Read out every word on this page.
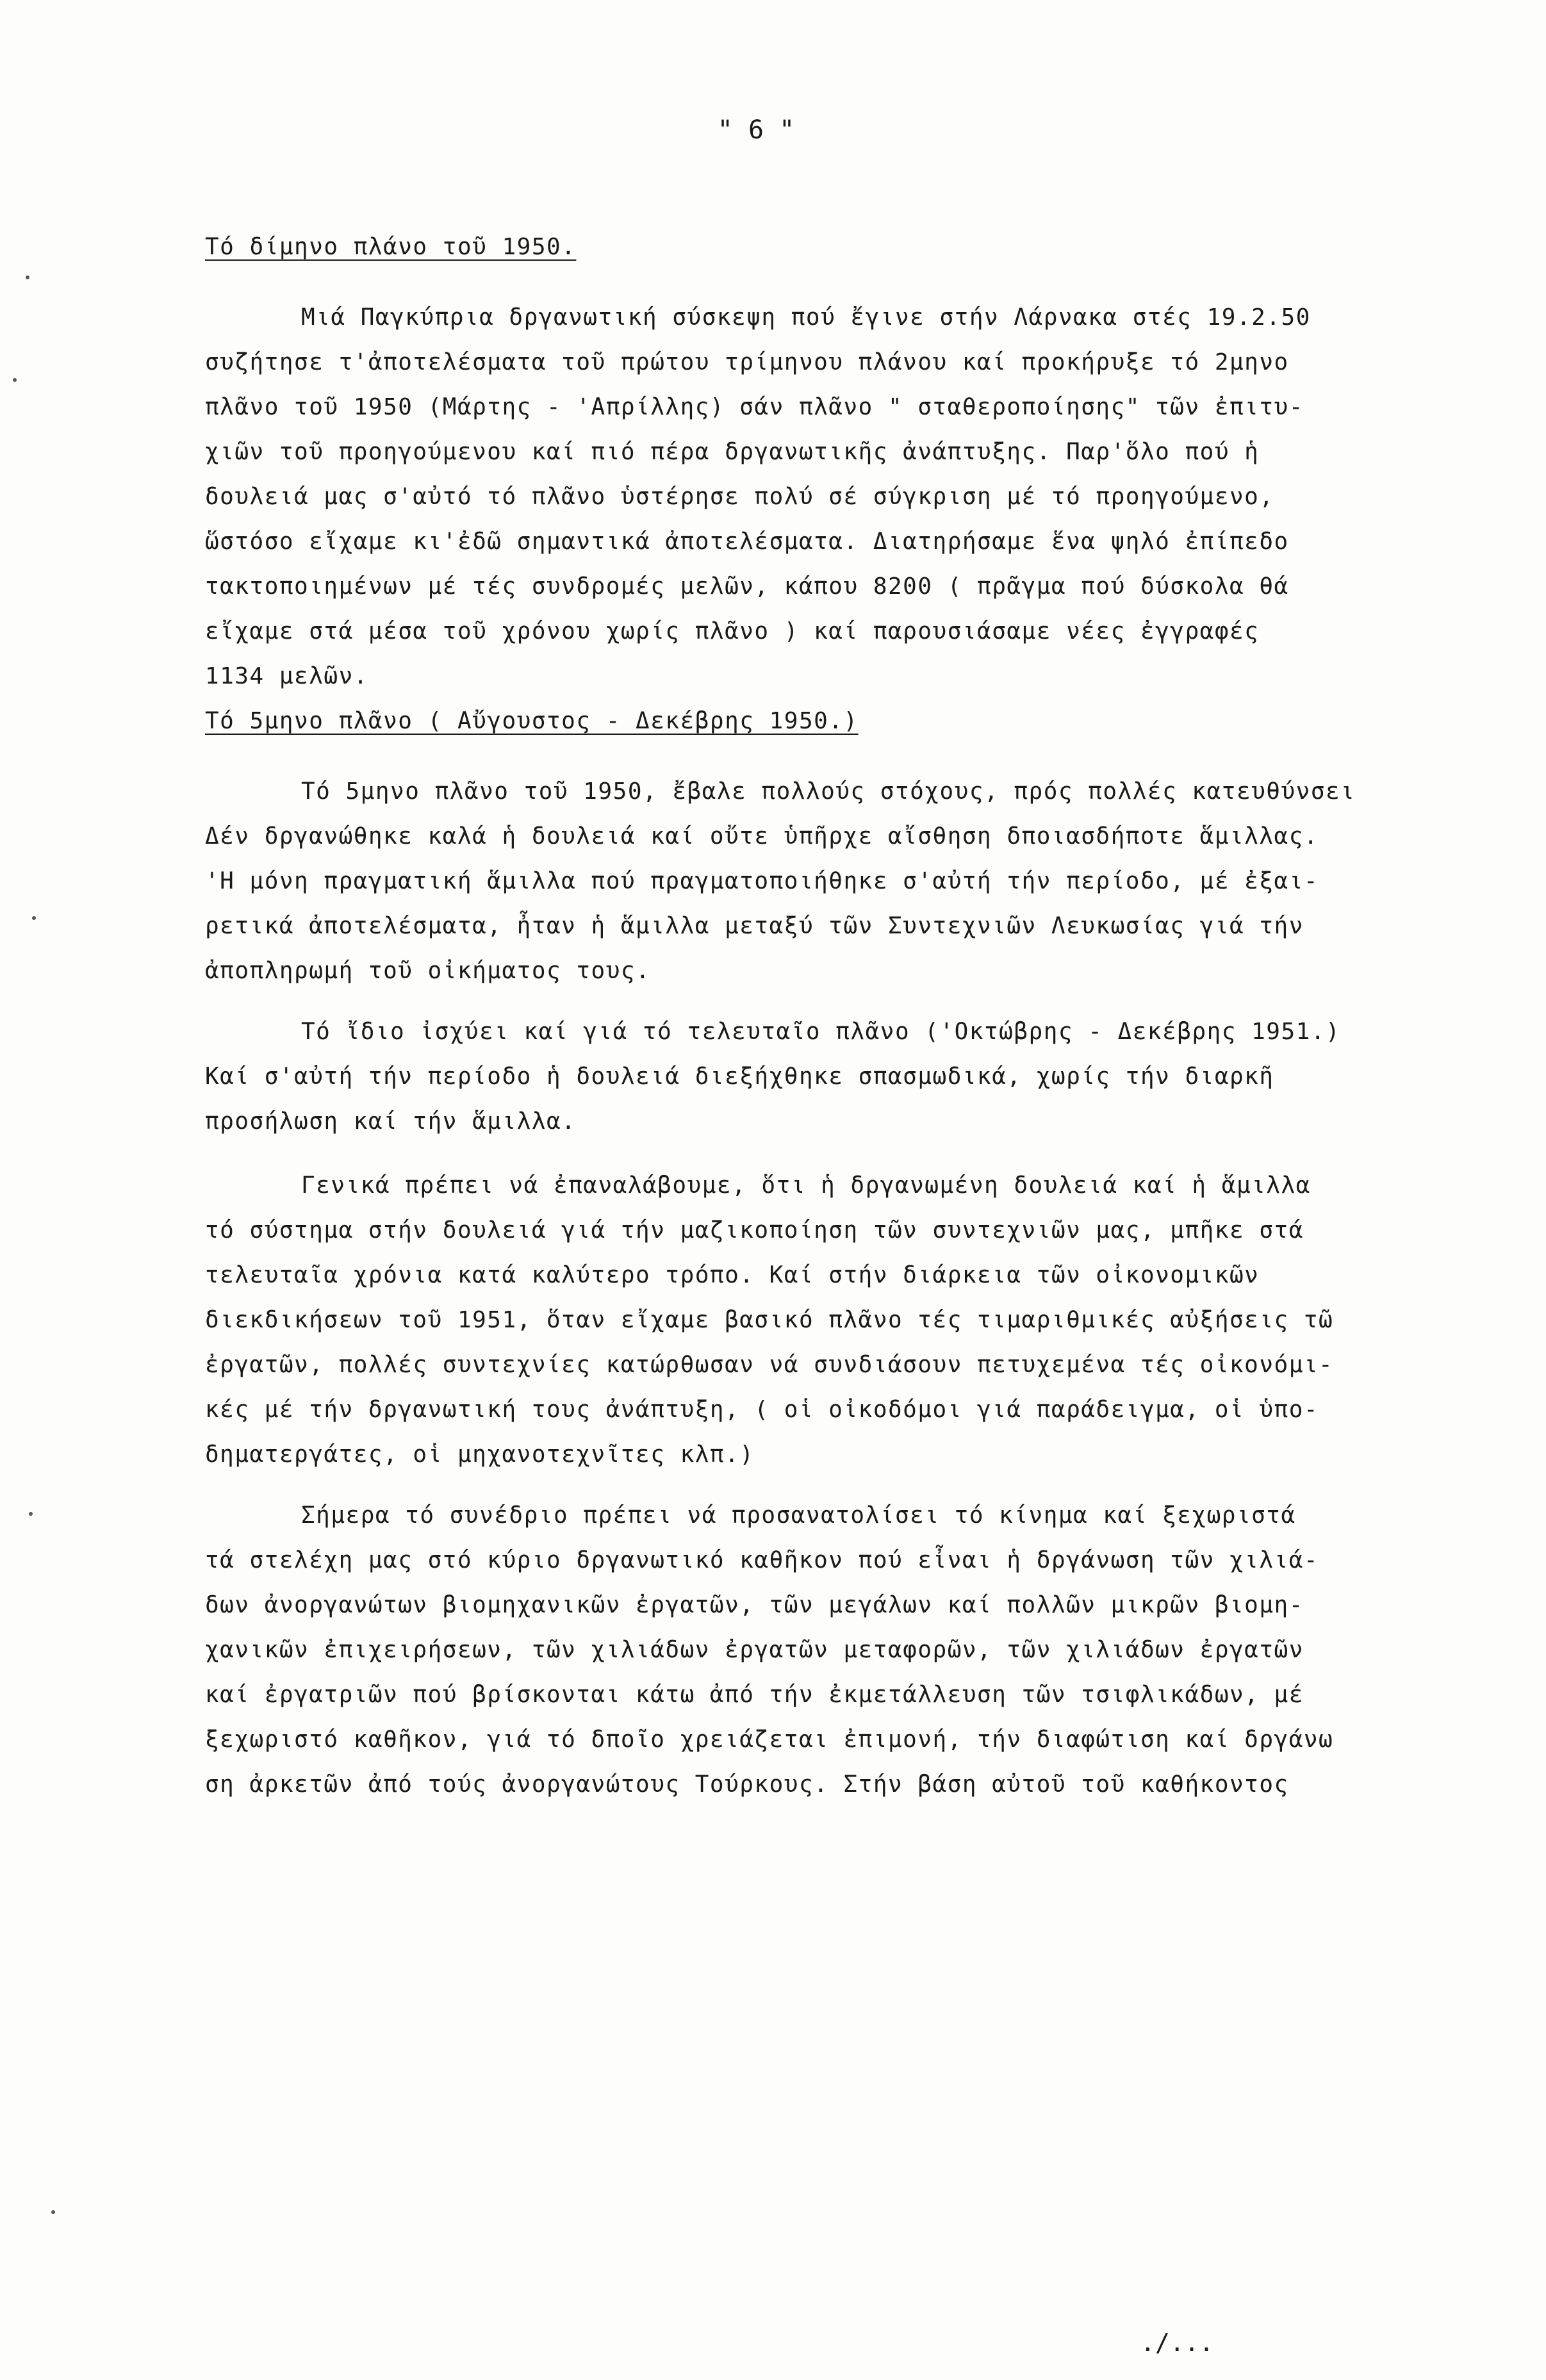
" 6 "
Τό δίμηνο πλάνο τοῦ 1950.
Μιά Παγκύπρια δργανωτική σύσκεψη πού ἔγινε στήν Λάρνακα στές 19.2.50
συζήτησε τ'ἀποτελέσματα τοῦ πρώτου τρίμηνου πλάνου καί προκήρυξε τό 2μηνο
πλᾶνο τοῦ 1950 (Μάρτης - 'Απρίλλης) σάν πλᾶνο " σταθεροποίησης" τῶν ἐπιτυ-
χιῶν τοῦ προηγούμενου καί πιό πέρα δργανωτικῆς ἀνάπτυξης. Παρ'ὅλο πού ἡ
δουλειά μας σ'αὐτό τό πλᾶνο ὑστέρησε πολύ σέ σύγκριση μέ τό προηγούμενο,
ὥστόσο εἴχαμε κι'ἐδῶ σημαντικά ἀποτελέσματα. Διατηρήσαμε ἕνα ψηλό ἐπίπεδο
τακτοποιημένων μέ τές συνδρομές μελῶν, κάπου 8200 ( πρᾶγμα πού δύσκολα θά
εἴχαμε στά μέσα τοῦ χρόνου χωρίς πλᾶνο ) καί παρουσιάσαμε νέες ἐγγραφές
1134 μελῶν.
Τό 5μηνο πλᾶνο ( Αὔγουστος - Δεκέβρης 1950.)
Τό 5μηνο πλᾶνο τοῦ 1950, ἔβαλε πολλούς στόχους, πρός πολλές κατευθύνσει
Δέν δργανώθηκε καλά ἡ δουλειά καί οὔτε ὑπῆρχε αἴσθηση δποιασδήποτε ἅμιλλας.
'Η μόνη πραγματική ἅμιλλα πού πραγματοποιήθηκε σ'αὐτή τήν περίοδο, μέ ἐξαι-
ρετικά ἀποτελέσματα, ἦταν ἡ ἅμιλλα μεταξύ τῶν Συντεχνιῶν Λευκωσίας γιά τήν
ἀποπληρωμή τοῦ οἰκήματος τους.
Τό ἴδιο ἰσχύει καί γιά τό τελευταῖο πλᾶνο ('Οκτώβρης - Δεκέβρης 1951.)
Καί σ'αὐτή τήν περίοδο ἡ δουλειά διεξήχθηκε σπασμωδικά, χωρίς τήν διαρκῆ
προσήλωση καί τήν ἅμιλλα.
Γενικά πρέπει νά ἐπαναλάβουμε, ὅτι ἡ δργανωμένη δουλειά καί ἡ ἅμιλλα
τό σύστημα στήν δουλειά γιά τήν μαζικοποίηση τῶν συντεχνιῶν μας, μπῆκε στά
τελευταῖα χρόνια κατά καλύτερο τρόπο. Καί στήν διάρκεια τῶν οἰκονομικῶν
διεκδικήσεων τοῦ 1951, ὅταν εἴχαμε βασικό πλᾶνο τές τιμαριθμικές αὐξήσεις τῶ
ἐργατῶν, πολλές συντεχνίες κατώρθωσαν νά συνδιάσουν πετυχεμένα τές οἰκονόμι-
κές μέ τήν δργανωτική τους ἀνάπτυξη, ( οἱ οἰκοδόμοι γιά παράδειγμα, οἱ ὑπο-
δηματεργάτες, οἱ μηχανοτεχνῖτες κλπ.)
Σήμερα τό συνέδριο πρέπει νά προσανατολίσει τό κίνημα καί ξεχωριστά
τά στελέχη μας στό κύριο δργανωτικό καθῆκον πού εἶναι ἡ δργάνωση τῶν χιλιά-
δων ἀνοργανώτων βιομηχανικῶν ἐργατῶν, τῶν μεγάλων καί πολλῶν μικρῶν βιομη-
χανικῶν ἐπιχειρήσεων, τῶν χιλιάδων ἐργατῶν μεταφορῶν, τῶν χιλιάδων ἐργατῶν
καί ἐργατριῶν πού βρίσκονται κάτω ἀπό τήν ἐκμετάλλευση τῶν τσιφλικάδων, μέ
ξεχωριστό καθῆκον, γιά τό δποῖο χρειάζεται ἐπιμονή, τήν διαφώτιση καί δργάνω
ση ἀρκετῶν ἀπό τούς ἀνοργανώτους Τούρκους. Στήν βάση αὐτοῦ τοῦ καθήκοντος
./...
